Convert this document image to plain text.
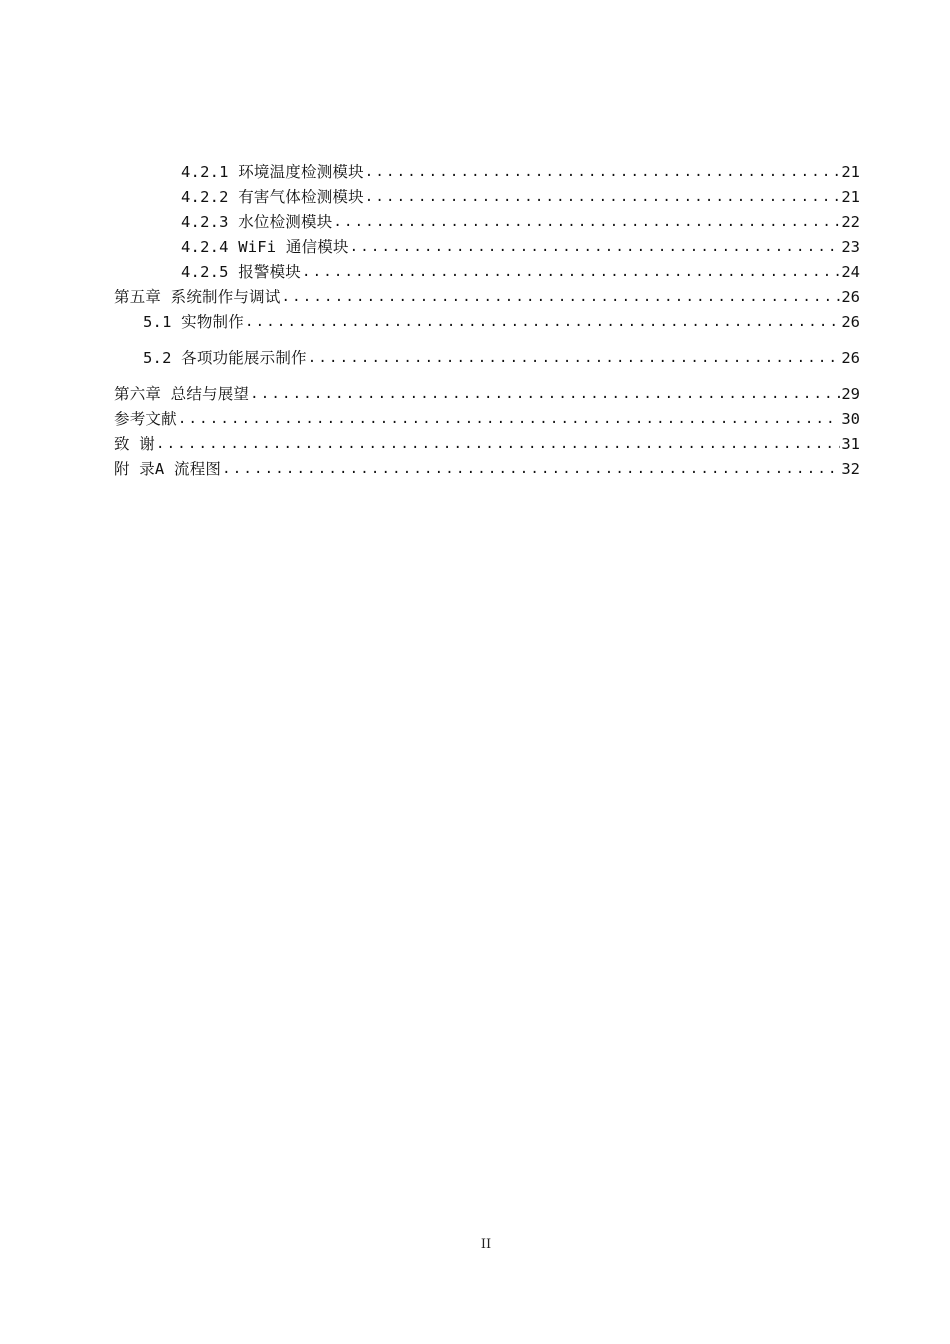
4.2.1 环境温度检测模块 .....	21
4.2.2 有害气体检测模块 .....	21
4.2.3 水位检测模块 .....	22
4.2.4 WiFi 通信模块 .....	23
4.2.5 报警模块 .....	24
第五章 系统制作与调试 .....	26
5.1 实物制作 .....	26
5.2 各项功能展示制作 .....	26
第六章 总结与展望 .....	29
参考文献 .....	30
致 谢 .....	31
附 录A 流程图 .....	32
II
